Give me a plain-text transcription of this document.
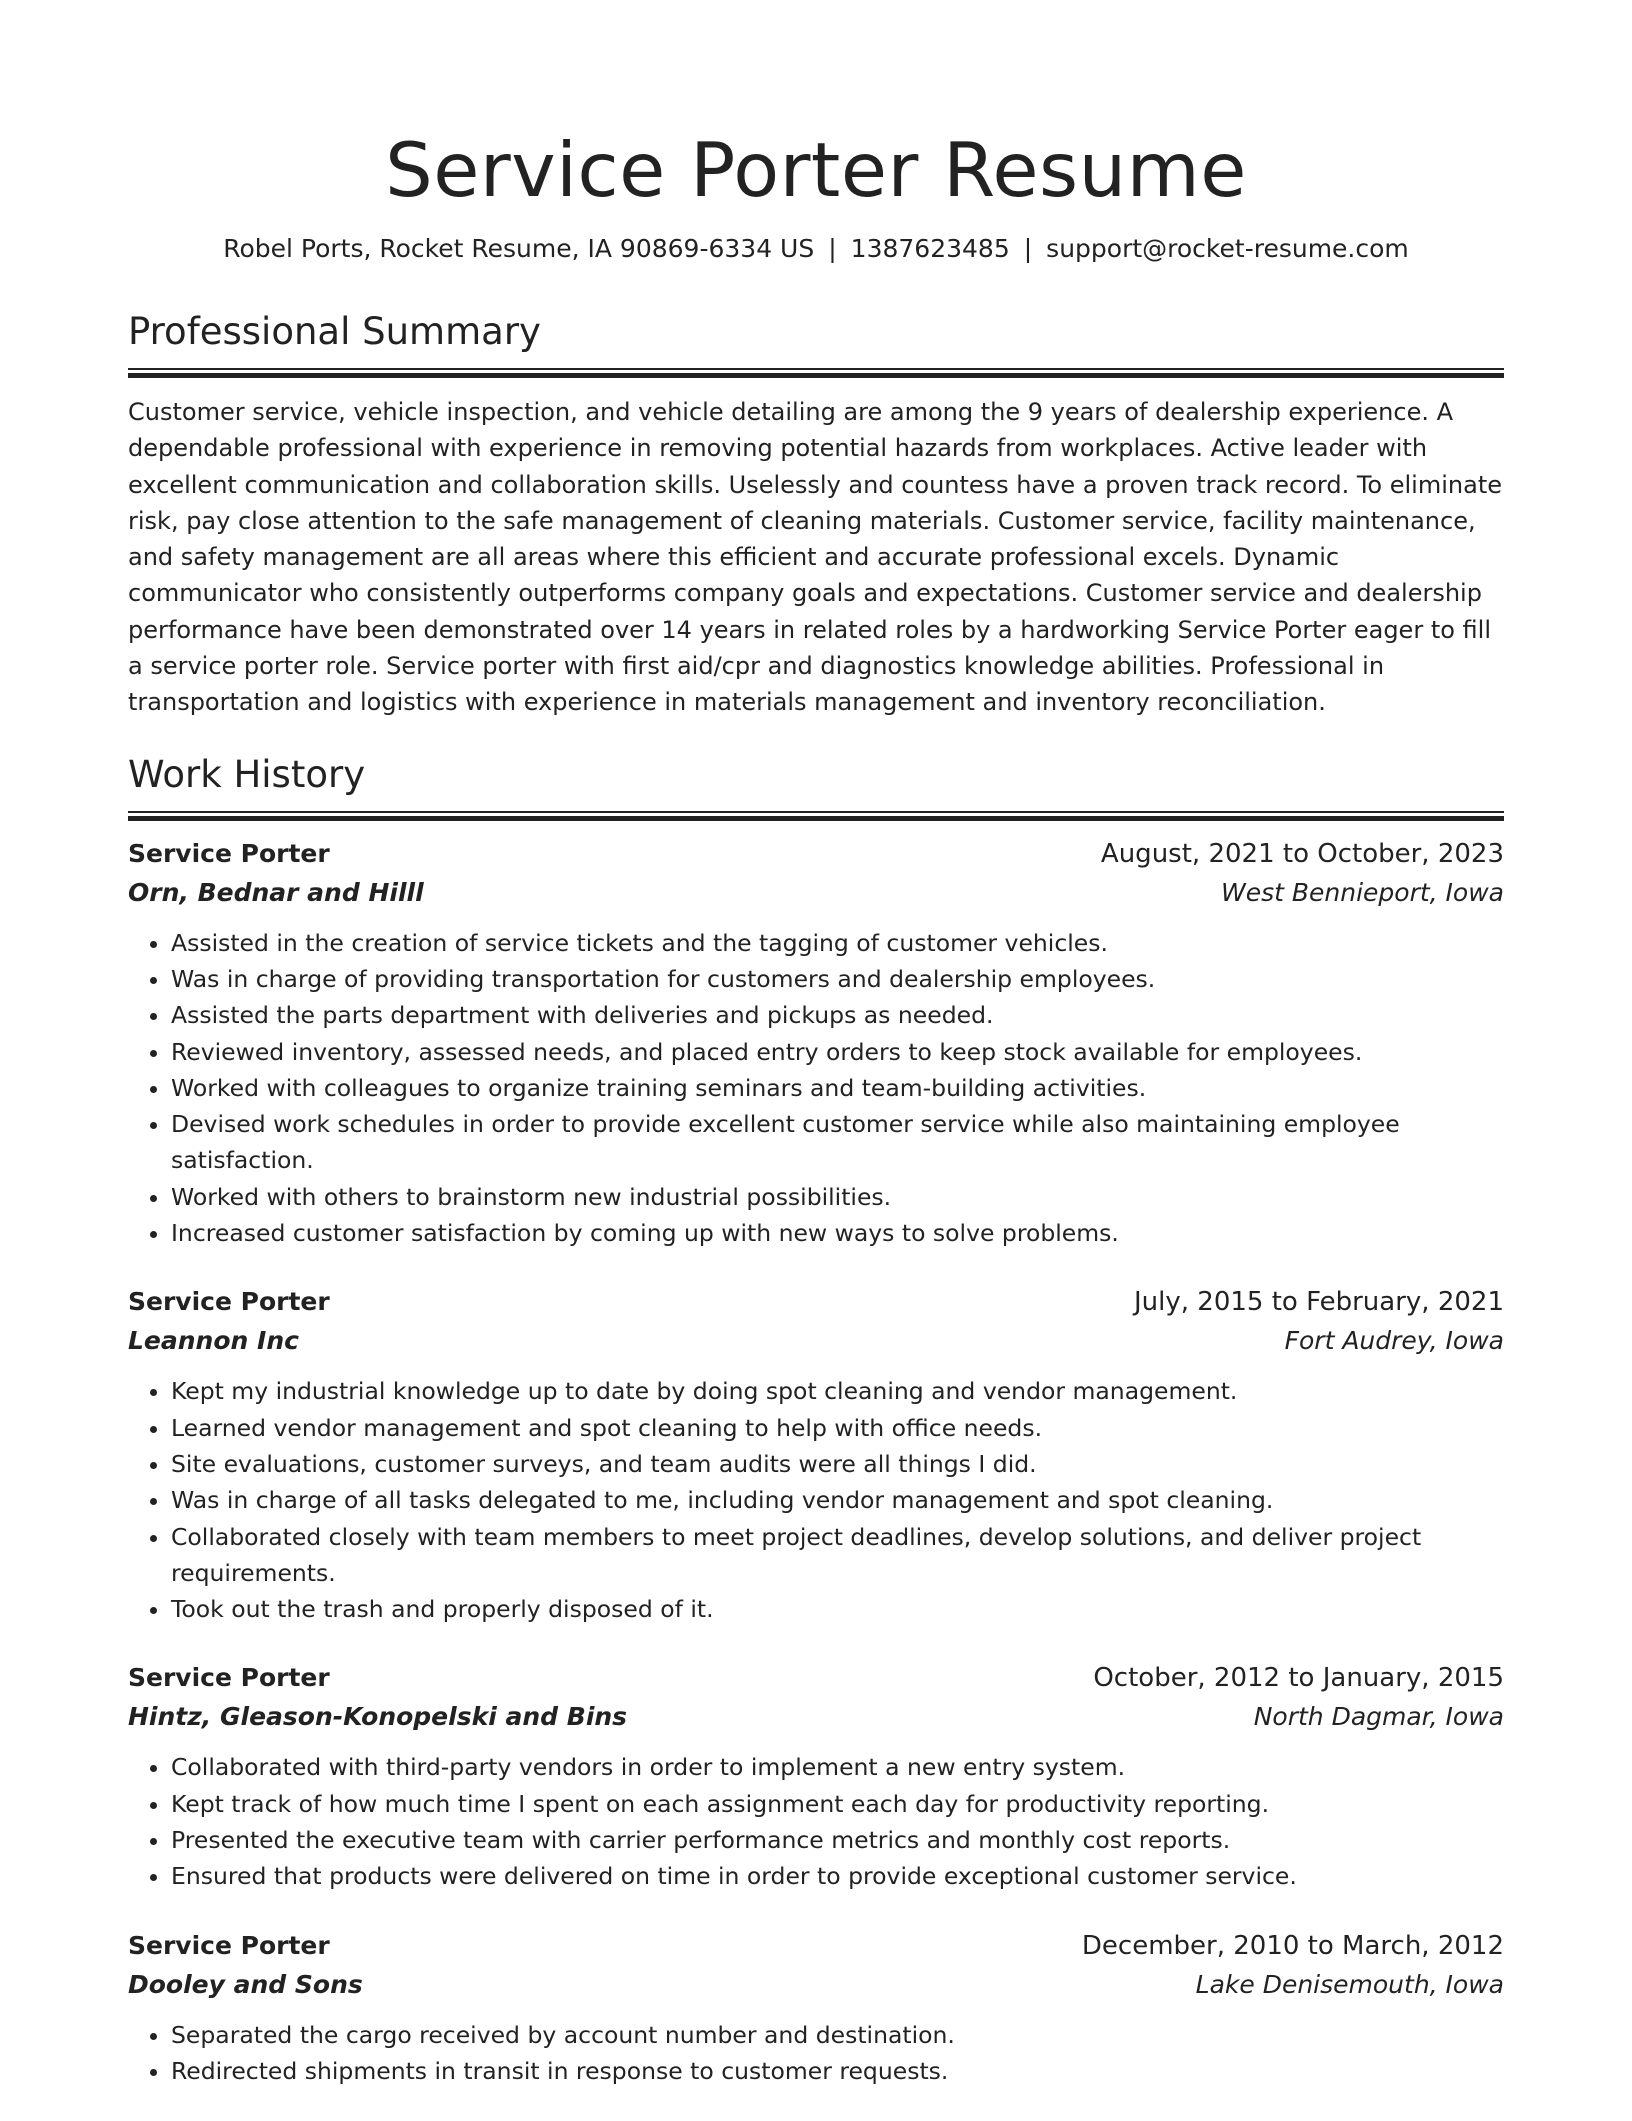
Service Porter Resume
Robel Ports, Rocket Resume, IA 90869-6334 US | 1387623485 | support@rocket-resume.com
Professional Summary

Customer service, vehicle inspection, and vehicle detailing are among the 9 years of dealership experience. A dependable professional with experience in removing potential hazards from workplaces. Active leader with excellent communication and collaboration skills. Uselessly and countess have a proven track record. To eliminate risk, pay close attention to the safe management of cleaning materials. Customer service, facility maintenance, and safety management are all areas where this efficient and accurate professional excels. Dynamic communicator who consistently outperforms company goals and expectations. Customer service and dealership performance have been demonstrated over 14 years in related roles by a hardworking Service Porter eager to fill a service porter role. Service porter with first aid/cpr and diagnostics knowledge abilities. Professional in transportation and logistics with experience in materials management and inventory reconciliation.

Work History
Service Porter	August, 2021 to October, 2023
Orn, Bednar and Hilll	West Bennieport, Iowa
• Assisted in the creation of service tickets and the tagging of customer vehicles.
• Was in charge of providing transportation for customers and dealership employees.
• Assisted the parts department with deliveries and pickups as needed.
• Reviewed inventory, assessed needs, and placed entry orders to keep stock available for employees.
• Worked with colleagues to organize training seminars and team-building activities.
• Devised work schedules in order to provide excellent customer service while also maintaining employee satisfaction.
• Worked with others to brainstorm new industrial possibilities.
• Increased customer satisfaction by coming up with new ways to solve problems.
Service Porter	July, 2015 to February, 2021
Leannon Inc	Fort Audrey, Iowa
• Kept my industrial knowledge up to date by doing spot cleaning and vendor management.
• Learned vendor management and spot cleaning to help with office needs.
• Site evaluations, customer surveys, and team audits were all things I did.
• Was in charge of all tasks delegated to me, including vendor management and spot cleaning.
• Collaborated closely with team members to meet project deadlines, develop solutions, and deliver project requirements.
• Took out the trash and properly disposed of it.
Service Porter	October, 2012 to January, 2015
Hintz, Gleason-Konopelski and Bins	North Dagmar, Iowa
• Collaborated with third-party vendors in order to implement a new entry system.
• Kept track of how much time I spent on each assignment each day for productivity reporting.
• Presented the executive team with carrier performance metrics and monthly cost reports.
• Ensured that products were delivered on time in order to provide exceptional customer service.
Service Porter	December, 2010 to March, 2012
Dooley and Sons	Lake Denisemouth, Iowa
• Separated the cargo received by account number and destination.
• Redirected shipments in transit in response to customer requests.
